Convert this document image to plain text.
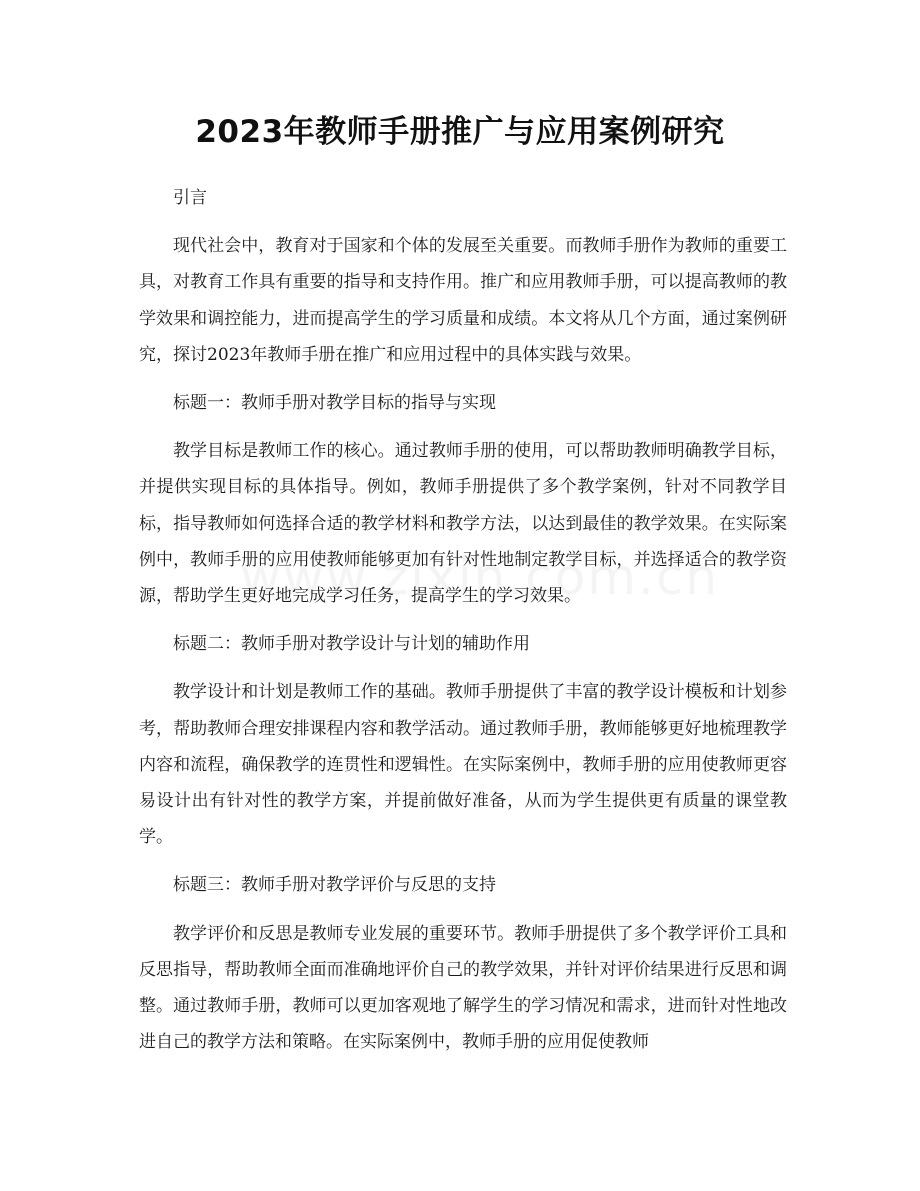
2023年教师手册推广与应用案例研究

引言

现代社会中，教育对于国家和个体的发展至关重要。而教师手册作为教师的重要工具，对教育工作具有重要的指导和支持作用。推广和应用教师手册，可以提高教师的教学效果和调控能力，进而提高学生的学习质量和成绩。本文将从几个方面，通过案例研究，探讨2023年教师手册在推广和应用过程中的具体实践与效果。

标题一：教师手册对教学目标的指导与实现

教学目标是教师工作的核心。通过教师手册的使用，可以帮助教师明确教学目标，并提供实现目标的具体指导。例如，教师手册提供了多个教学案例，针对不同教学目标，指导教师如何选择合适的教学材料和教学方法，以达到最佳的教学效果。在实际案例中，教师手册的应用使教师能够更加有针对性地制定教学目标，并选择适合的教学资源，帮助学生更好地完成学习任务，提高学生的学习效果。

标题二：教师手册对教学设计与计划的辅助作用

教学设计和计划是教师工作的基础。教师手册提供了丰富的教学设计模板和计划参考，帮助教师合理安排课程内容和教学活动。通过教师手册，教师能够更好地梳理教学内容和流程，确保教学的连贯性和逻辑性。在实际案例中，教师手册的应用使教师更容易设计出有针对性的教学方案，并提前做好准备，从而为学生提供更有质量的课堂教学。

标题三：教师手册对教学评价与反思的支持

教学评价和反思是教师专业发展的重要环节。教师手册提供了多个教学评价工具和反思指导，帮助教师全面而准确地评价自己的教学效果，并针对评价结果进行反思和调整。通过教师手册，教师可以更加客观地了解学生的学习情况和需求，进而针对性地改进自己的教学方法和策略。在实际案例中，教师手册的应用促使教师
